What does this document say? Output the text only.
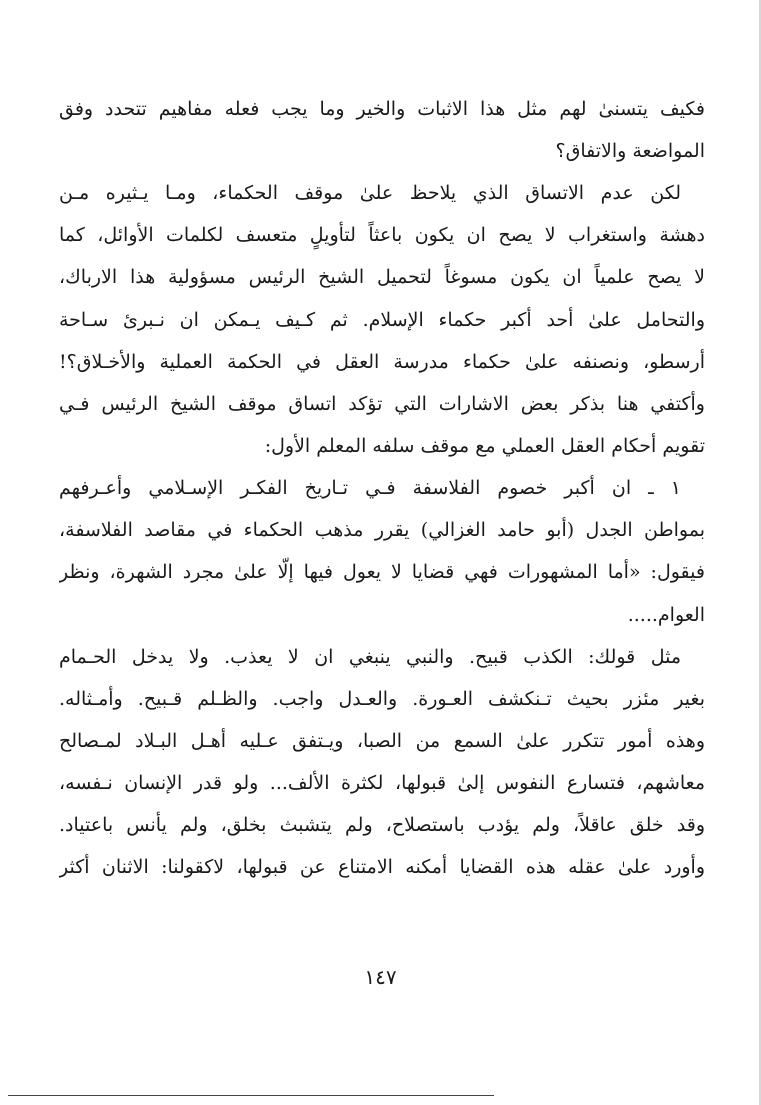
فكيف يتسنىٰ لهم مثل هذا الاثبات والخير وما يجب فعله مفاهيم تتحدد وفق
المواضعة والاتفاق؟
لكن عدم الاتساق الذي يلاحظ علىٰ موقف الحكماء، ومـا يـثيره مـن
دهشة واستغراب لا يصح ان يكون باعثاً لتأويلٍ متعسف لكلمات الأوائل، كما
لا يصح علمياً ان يكون مسوغاً لتحميل الشيخ الرئيس مسؤولية هذا الارباك،
والتحامل علىٰ أحد أكبر حكماء الإسلام. ثم كـيف يـمكن ان نـبرئ سـاحة
أرسطو، ونصنفه علىٰ حكماء مدرسة العقل في الحكمة العملية والأخـلاق؟!
وأكتفي هنا بذكر بعض الاشارات التي تؤكد اتساق موقف الشيخ الرئيس فـي
تقويم أحكام العقل العملي مع موقف سلفه المعلم الأول:
١ ـ ان أكبر خصوم الفلاسفة فـي تـاريخ الفكـر الإسـلامي وأعـرفهم
بمواطن الجدل (أبو حامد الغزالي) يقرر مذهب الحكماء في مقاصد الفلاسفة،
فيقول: «أما المشهورات فهي قضايا لا يعول فيها إلّا علىٰ مجرد الشهرة، ونظر
العوام.....
مثل قولك: الكذب قبيح. والنبي ينبغي ان لا يعذب. ولا يدخل الحـمام
بغير مئزر بحيث تـنكشف العـورة. والعـدل واجب. والظـلم قـبيح. وأمـثاله.
وهذه أمور تتكرر علىٰ السمع من الصبا، ويـتفق عـليه أهـل البـلاد لمـصالح
معاشهم، فتسارع النفوس إلىٰ قبولها، لكثرة الألف... ولو قدر الإنسان نـفسه،
وقد خلق عاقلاً، ولم يؤدب باستصلاح، ولم يتشبث بخلق، ولم يأنس باعتياد.
وأورد علىٰ عقله هذه القضايا أمكنه الامتناع عن قبولها، لاكقولنا: الاثنان أكثر
١٤٧
